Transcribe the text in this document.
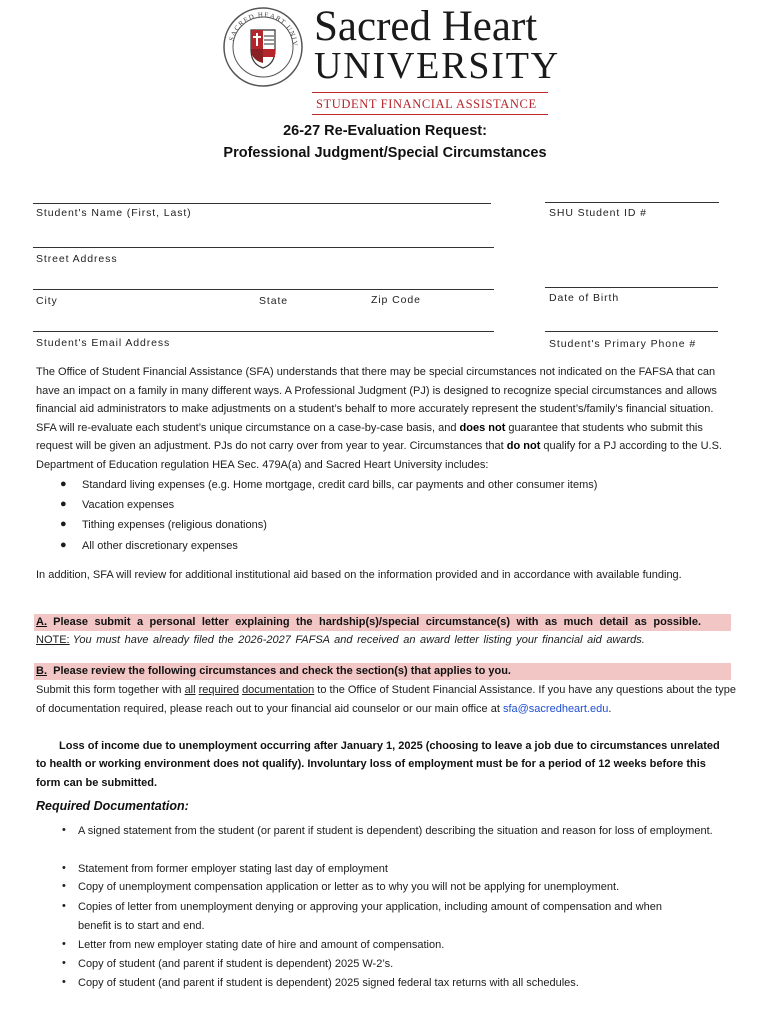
SACRED HEART UNIV Sacred Heart
UNIVERSITY
STUDENT FINANCIAL ASSISTANCE
26-27 Re-Evaluation Request:
Professional Judgment/Special Circumstances
Student's Name (First, Last)	SHU Student ID #
Street Address
City	State	Zip Code	Date of Birth
Student's Email Address	Student's Primary Phone #
The Office of Student Financial Assistance (SFA) understands that there may be special circumstances not indicated on the FAFSA that can have an impact on a family in many different ways. A Professional Judgment (PJ) is designed to recognize special circumstances and allows financial aid administrators to make adjustments on a student’s behalf to more accurately represent the student’s/family’s financial situation. SFA will re-evaluate each student’s unique circumstance on a case-by-case basis, and does not guarantee that students who submit this request will be given an adjustment. PJs do not carry over from year to year. Circumstances that do not qualify for a PJ according to the U.S. Department of Education regulation HEA Sec. 479A(a) and Sacred Heart University includes:
● Standard living expenses (e.g. Home mortgage, credit card bills, car payments and other consumer items)
● Vacation expenses
● Tithing expenses (religious donations)
● All other discretionary expenses
In addition, SFA will review for additional institutional aid based on the information provided and in accordance with available funding.
A. Please submit a personal letter explaining the hardship(s)/special circumstance(s) with as much detail as possible.
NOTE: You must have already filed the 2026-2027 FAFSA and received an award letter listing your financial aid awards.
B. Please review the following circumstances and check the section(s) that applies to you.
Submit this form together with all required documentation to the Office of Student Financial Assistance. If you have any questions about the type of documentation required, please reach out to your financial aid counselor or our main office at sfa@sacredheart.edu.
Loss of income due to unemployment occurring after January 1, 2025 (choosing to leave a job due to circumstances unrelated to health or working environment does not qualify). Involuntary loss of employment must be for a period of 12 weeks before this form can be submitted.
Required Documentation:
• A signed statement from the student (or parent if student is dependent) describing the situation and reason for loss of employment.
• Statement from former employer stating last day of employment
• Copy of unemployment compensation application or letter as to why you will not be applying for unemployment.
• Copies of letter from unemployment denying or approving your application, including amount of compensation and when benefit is to start and end.
• Letter from new employer stating date of hire and amount of compensation.
• Copy of student (and parent if student is dependent) 2025 W-2’s.
• Copy of student (and parent if student is dependent) 2025 signed federal tax returns with all schedules.
